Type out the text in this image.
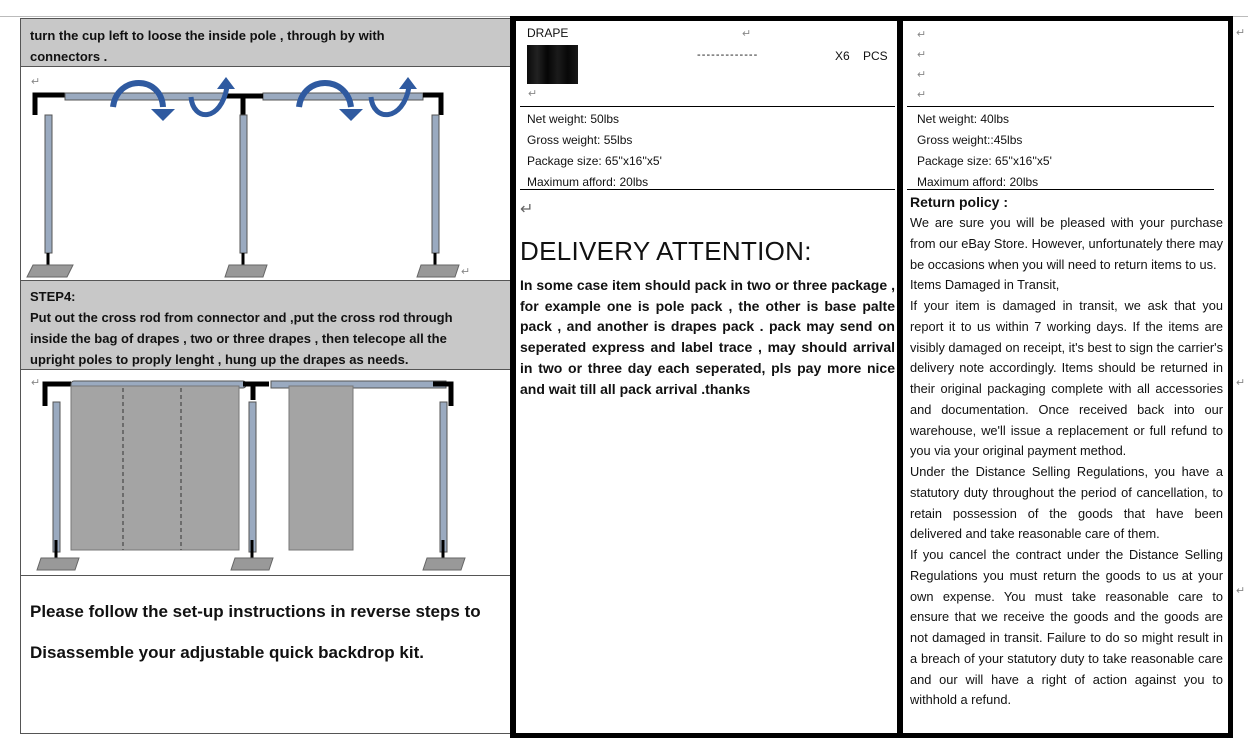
turn the cup left to loose the inside pole , through by with connectors .
↵
↵
STEP4:
Put out the cross rod from connector and ,put the cross rod through inside the bag of drapes , two or three drapes , then telecope all the upright poles to proply lenght , hung up the drapes as needs.
↵
Please follow the set-up instructions in reverse steps to Disassemble your adjustable quick backdrop kit.
DRAPE	↵
↵
- - - - - - - - - - - - -	X6    PCS
Net weight: 50lbs
Gross weight: 55lbs
Package size: 65''x16''x5'
Maximum afford: 20lbs
↵
DELIVERY ATTENTION:
In some case item should pack in two or three package , for example one is pole pack , the other is base palte pack , and another is drapes pack . pack may send on seperated express and label trace , may should arrival in two or three day each seperated, pls pay more nice and wait till all pack arrival .thanks
↵
↵
↵
↵
Net weight: 40lbs
Gross weight::45lbs
Package size: 65''x16''x5'
Maximum afford: 20lbs
Return policy :
We are sure you will be pleased with your purchase from our eBay Store. However, unfortunately there may be occasions when you will need to return items to us.
Items Damaged in Transit,
If your item is damaged in transit, we ask that you report it to us within 7 working days. If the items are visibly damaged on receipt, it's best to sign the carrier's delivery note accordingly. Items should be returned in their original packaging complete with all accessories and documentation. Once received back into our warehouse, we'll issue a replacement or full refund to you via your original payment method.
Under the Distance Selling Regulations, you have a statutory duty throughout the period of cancellation, to retain possession of the goods that have been delivered and take reasonable care of them.
If you cancel the contract under the Distance Selling Regulations you must return the goods to us at your own expense. You must take reasonable care to ensure that we receive the goods and the goods are not damaged in transit. Failure to do so might result in a breach of your statutory duty to take reasonable care and our will have a right of action against you to withhold a refund.
↵
↵
↵
